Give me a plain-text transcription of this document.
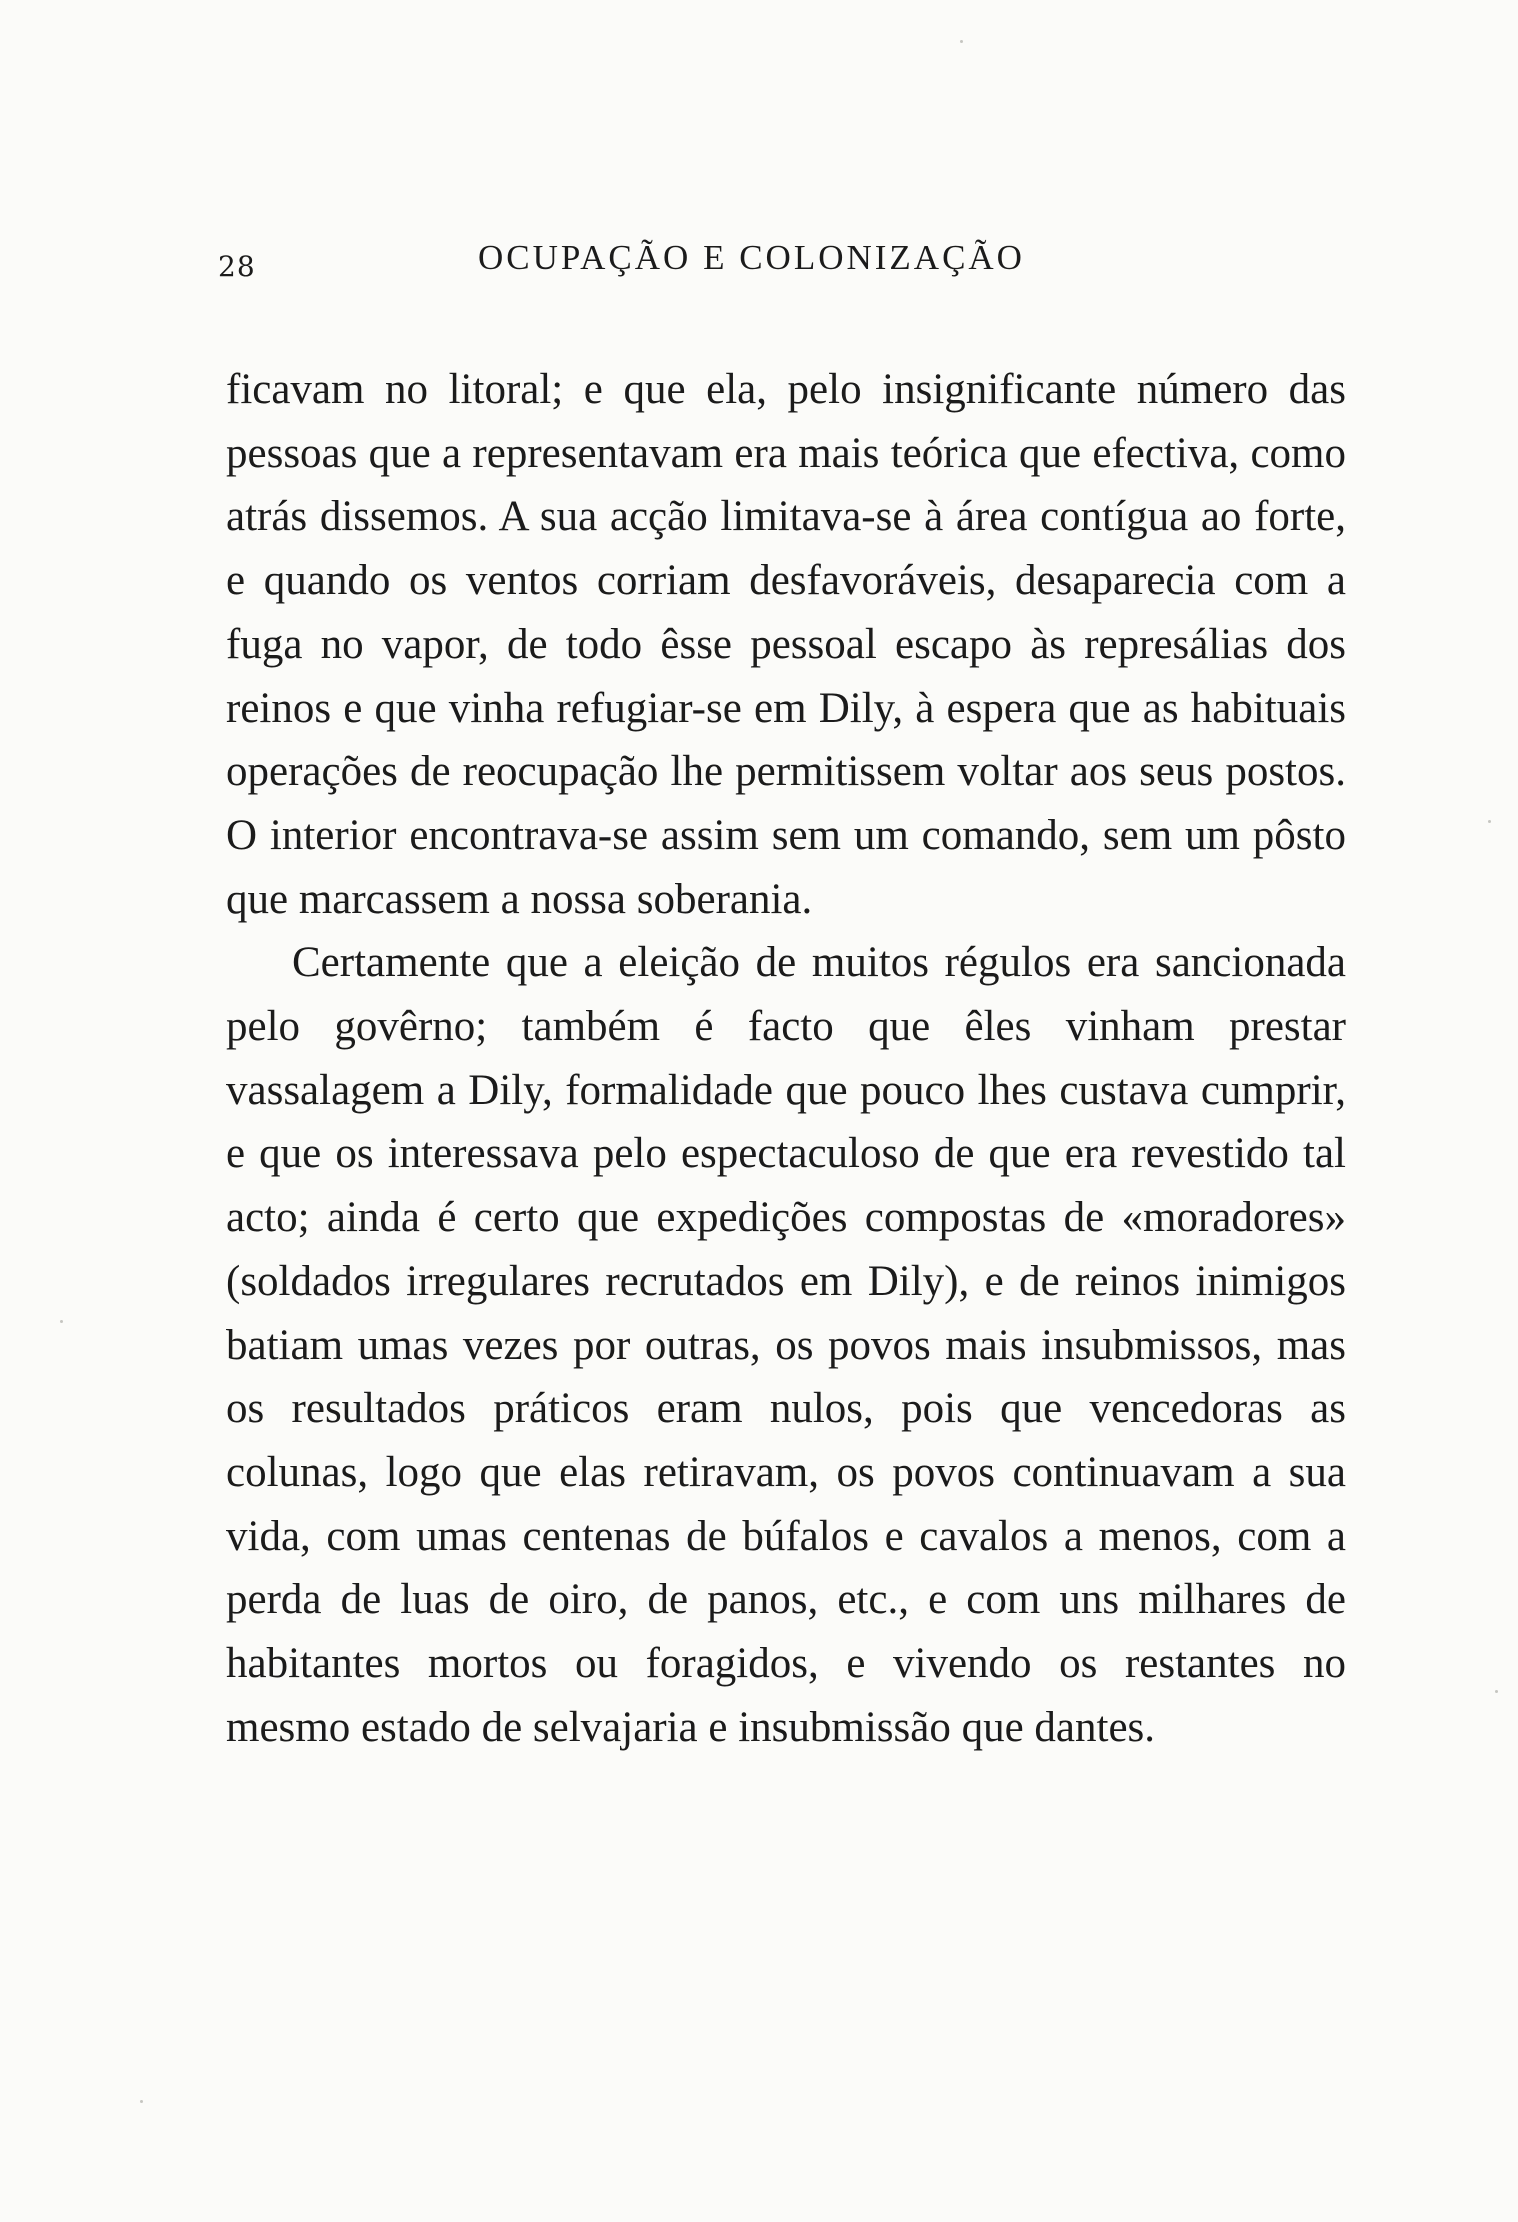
28	OCUPAÇÃO E COLONIZAÇÃO

ficavam no litoral; e que ela, pelo insignificante número das pessoas que a representavam era mais teórica que efectiva, como atrás dissemos. A sua acção limitava-se à área contígua ao forte, e quando os ventos corriam desfavoráveis, desaparecia com a fuga no vapor, de todo êsse pessoal escapo às represálias dos reinos e que vinha refugiar-se em Dily, à espera que as habituais operações de reocupação lhe permitissem voltar aos seus postos. O interior encontrava-se assim sem um comando, sem um pôsto que marcassem a nossa soberania.

Certamente que a eleição de muitos régulos era sancionada pelo govêrno; também é facto que êles vinham prestar vassalagem a Dily, formalidade que pouco lhes custava cumprir, e que os interessava pelo espectaculoso de que era revestido tal acto; ainda é certo que expedições compostas de «moradores» (soldados irregulares recrutados em Dily), e de reinos inimigos batiam umas vezes por outras, os povos mais insubmissos, mas os resultados práticos eram nulos, pois que vencedoras as colunas, logo que elas retiravam, os povos continuavam a sua vida, com umas centenas de búfalos e cavalos a menos, com a perda de luas de oiro, de panos, etc., e com uns milhares de habitantes mortos ou foragidos, e vivendo os restantes no mesmo estado de selvajaria e insubmissão que dantes.
